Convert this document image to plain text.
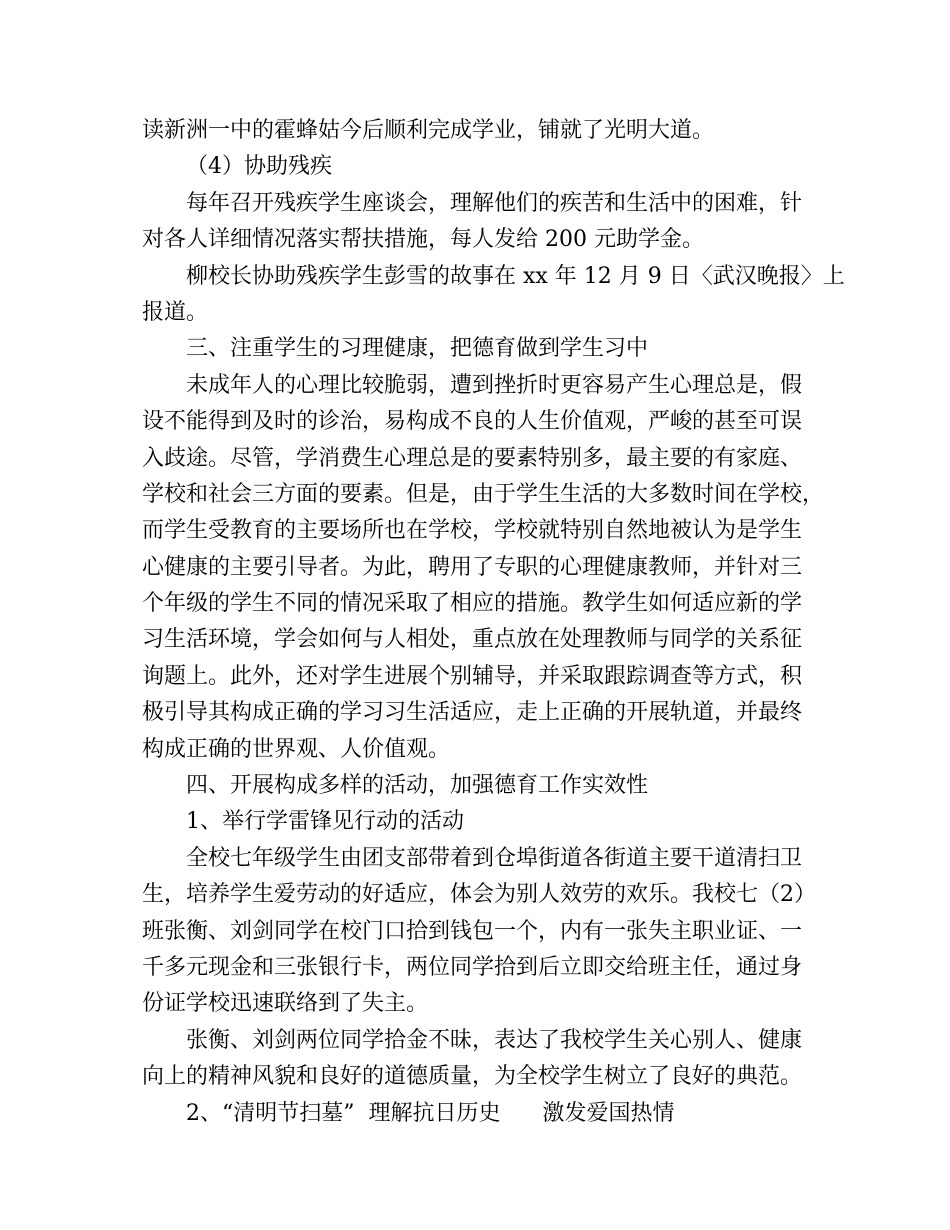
读新洲一中的霍蜂姑今后顺利完成学业，铺就了光明大道。
（4）协助残疾
每年召开残疾学生座谈会，理解他们的疾苦和生活中的困难，针
对各人详细情况落实帮扶措施，每人发给 200 元助学金。
柳校长协助残疾学生彭雪的故事在 xx 年 12 月 9 日〈武汉晚报〉上
报道。
三、注重学生的习理健康，把德育做到学生习中
未成年人的心理比较脆弱，遭到挫折时更容易产生心理总是，假
设不能得到及时的诊治，易构成不良的人生价值观，严峻的甚至可误
入歧途。尽管，学消费生心理总是的要素特别多，最主要的有家庭、
学校和社会三方面的要素。但是，由于学生生活的大多数时间在学校，
而学生受教育的主要场所也在学校，学校就特别自然地被认为是学生
心健康的主要引导者。为此，聘用了专职的心理健康教师，并针对三
个年级的学生不同的情况采取了相应的措施。教学生如何适应新的学
习生活环境，学会如何与人相处，重点放在处理教师与同学的关系征
询题上。此外，还对学生进展个别辅导，并采取跟踪调查等方式，积
极引导其构成正确的学习习生活适应，走上正确的开展轨道，并最终
构成正确的世界观、人价值观。
四、开展构成多样的活动，加强德育工作实效性
1、举行学雷锋见行动的活动
全校七年级学生由团支部带着到仓埠街道各街道主要干道清扫卫
生，培养学生爱劳动的好适应，体会为别人效劳的欢乐。我校七（2）
班张衡、刘剑同学在校门口拾到钱包一个，内有一张失主职业证、一
千多元现金和三张银行卡，两位同学拾到后立即交给班主任，通过身
份证学校迅速联络到了失主。
张衡、刘剑两位同学拾金不昧，表达了我校学生关心别人、健康
向上的精神风貌和良好的道德质量，为全校学生树立了良好的典范。
2、“清明节扫墓”  理解抗日历史      激发爱国热情
